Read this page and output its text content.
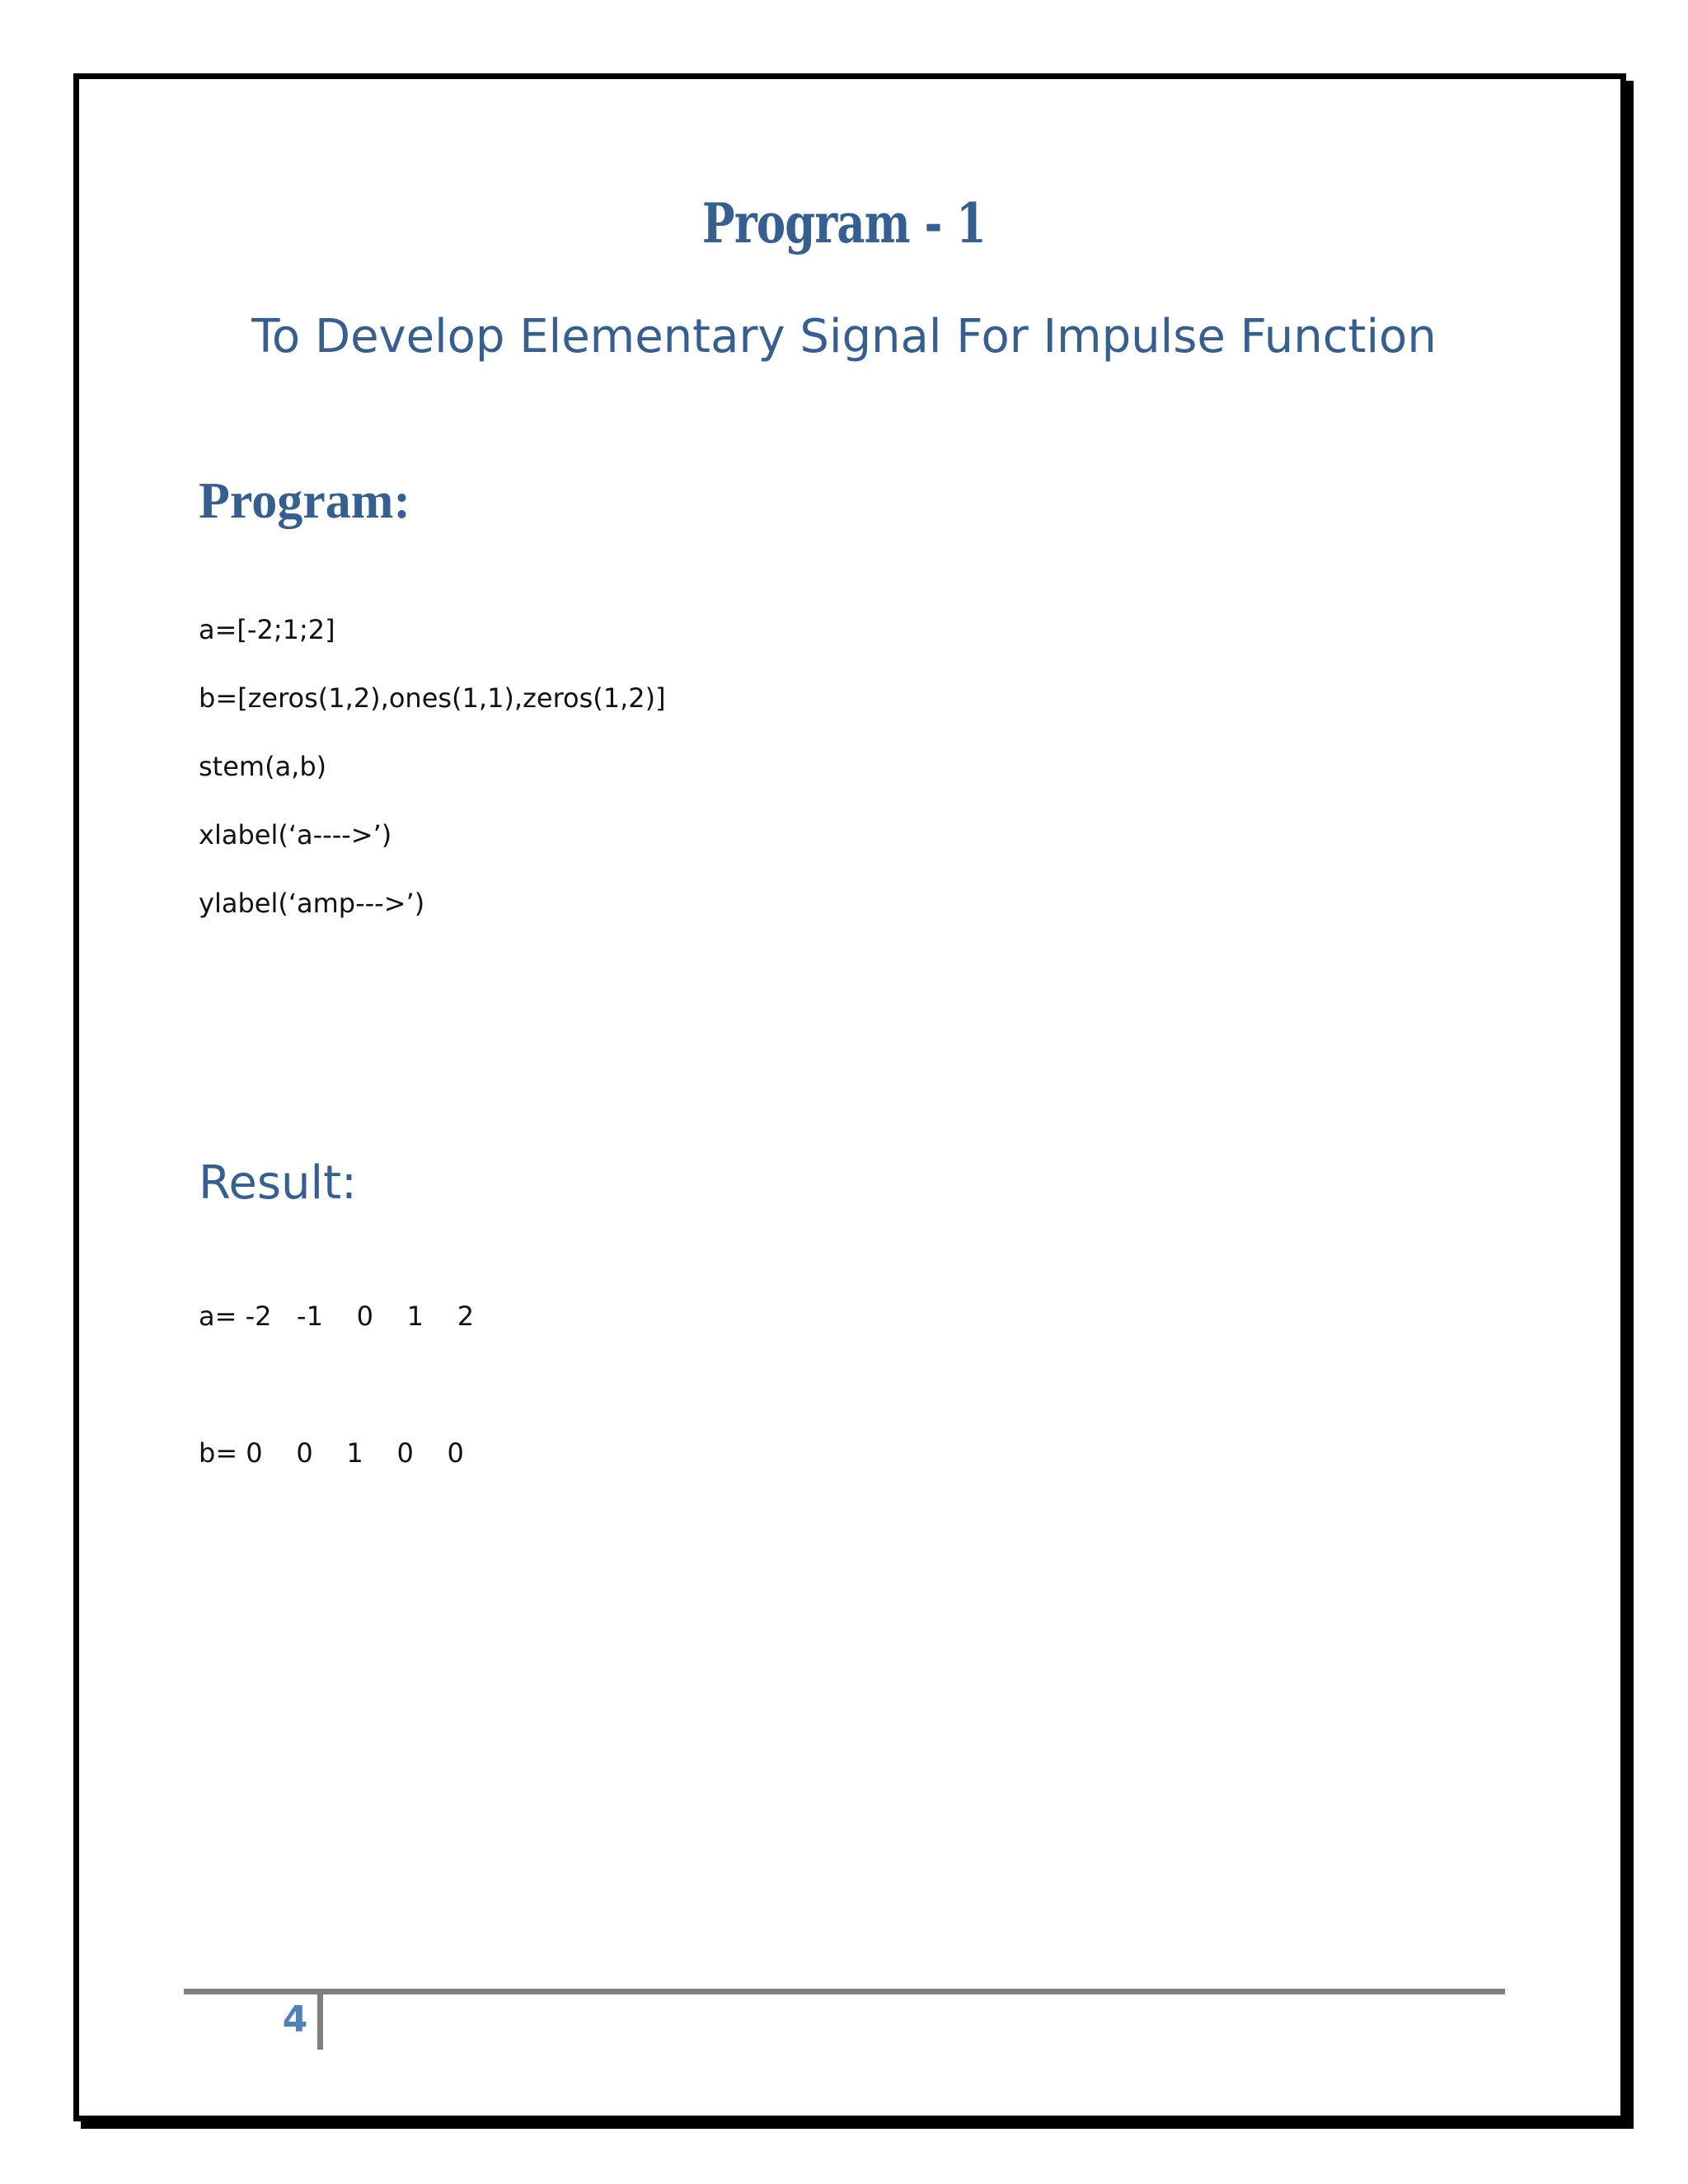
Program - 1
To Develop Elementary Signal For Impulse Function
Program:
a=[-2;1;2]
b=[zeros(1,2),ones(1,1),zeros(1,2)]
stem(a,b)
xlabel(‘a---->’)
ylabel(‘amp--->’)
Result:
a= -2   -1    0    1    2
b= 0    0    1    0    0
4
